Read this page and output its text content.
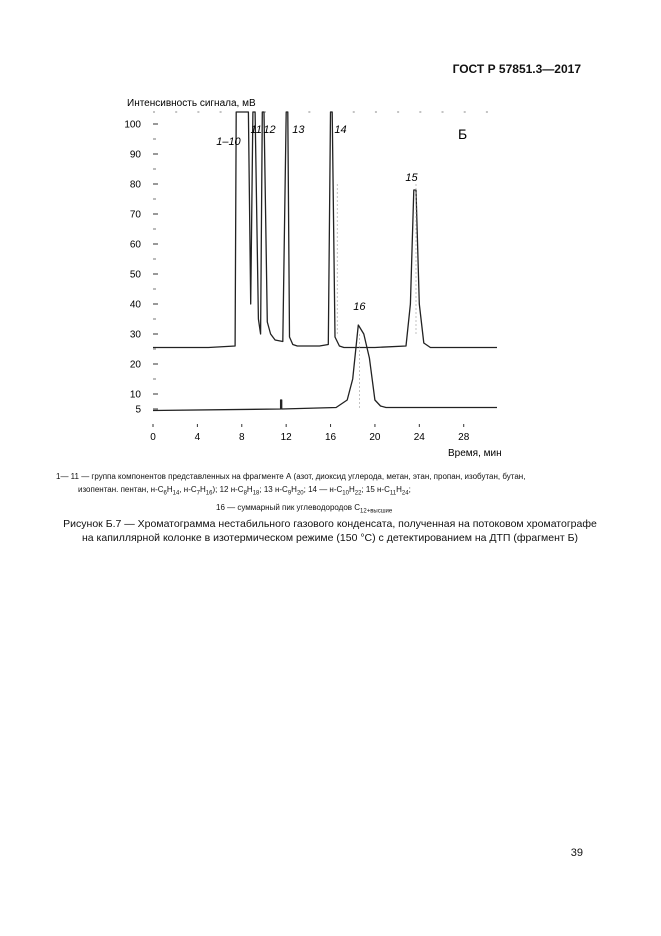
ГОСТ Р 57851.3—2017
0	4	8	12	16	20	24	28
5
10
20
30
40
50
60
70
80
90
100
1–10
11 12 13	14
15
16
Интенсивность сигнала, мВ
Время, мин
Б
1— 11 — группа компонентов представленных на фрагменте А (азот, диоксид углерода, метан, этан, пропан, изобутан, бутан,
изопентан. пентан, $н-C_6H_{14}$, $н-C_7H_{16}$); 12 $н-C_8H_{18}$; 13 $н-C_9H_{20}$; 14 — $н-C_{10}H_{22}$; 15 $н-C_{11}H_{24}$;
16 — суммарный пик углеводородов $C_{12+высшие}$
Рисунок Б.7 — Хроматограмма нестабильного газового конденсата, полученная на потоковом хроматографе
на капиллярной колонке в изотермическом режиме (150 °С) с детектированием на ДТП (фрагмент Б)
39
